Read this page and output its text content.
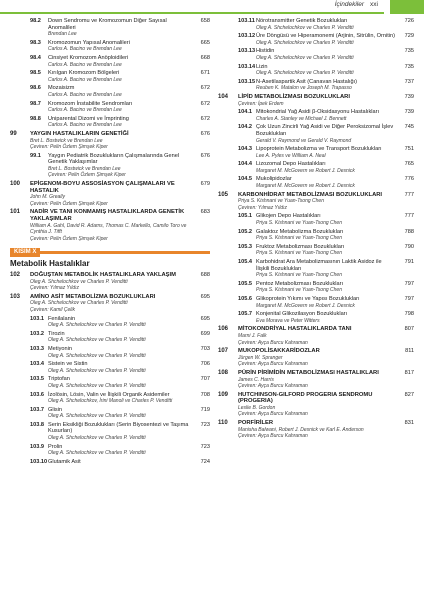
İçindekiler xxi
98.2 Down Sendromu ve Kromozomun Diğer Sayısal Anomalileri
658
Brendan Lee
98.3 Kromozomun Yapısal Anomalileri	665
Carlos A. Bacino ve Brendan Lee
98.4 Cinsiyet Kromozom Anöploidileri	668
Carlos A. Bacino ve Brendan Lee
98.5 Kırılgan Kromozom Bölgeleri	671
Carlos A. Bacino ve Brendan Lee
98.6 Mozaisizm	672
Carlos A. Bacino ve Brendan Lee
98.7 Kromozom İnstabilite Sendromları	672
Carlos A. Bacino ve Brendan Lee
98.8 Uniparental Dizomi ve İmprinting	672
Carlos A. Bacino ve Brendan Lee
99	YAYGIN HASTALIKLARIN GENETİĞİ	676
Bret L. Bostwick ve Brendan Lee
Çeviren: Pelin Özlem Şimşek Kiper
99.1 Yaygın Pediatrik Bozuklukların Çalışmalarında Genel Genetik Yaklaşımlar
676
Bret L. Bostwick ve Brendan Lee
Çeviren: Pelin Özlem Şimşek Kiper
100	EPİGENOM-BOYU ASSOSİASYON ÇALIŞMALARI VE HASTALIK
679
John M. Greally
Çeviren: Pelin Özlem Şimşek Kiper
101	NADİR VE TANI KONMAMIŞ HASTALIKLARDA GENETİK YAKLAŞIMLAR
683
William A. Gahl, David R. Adams, Thomas C. Markello, Camilo Toro ve Cynthia J. Tifft
Çeviren: Pelin Özlem Şimşek Kiper
KISIM X
Metabolik Hastalıklar
102	DOĞUŞTAN METABOLİK HASTALIKLARA YAKLAŞIM	688
Oleg A. Shchelochkov ve Charles P. Venditti
Çeviren: Yılmaz Yıldız
103	AMİNO ASİT METABOLİZMA BOZUKLUKLARI	695
Oleg A. Shchelochkov ve Charles P. Venditti
Çeviren: Kamil Çelik
103.1 Fenilalanin	695
Oleg A. Shchelochkov ve Charles P. Venditti
103.2 Tirozin	699
Oleg A. Shchelochkov ve Charles P. Venditti
103.3 Metiyonin	703
Oleg A. Shchelochkov ve Charles P. Venditti
103.4 Sistein ve Sistin	706
Oleg A. Shchelochkov ve Charles P. Venditti
103.5 Triptofan	707
Oleg A. Shchelochkov ve Charles P. Venditti
103.6 İzolösin, Lösin, Valin ve İlişkili Organik Asidemiler	708
Oleg A. Shchelochkov, İrini Manoli ve Charles P. Venditti
103.7 Glisin	719
Oleg A. Shchelochkov ve Charles P. Venditti
103.8 Serin Eksikliği Bozuklukları (Serin Biyosentezi ve Taşıma Kusurları)
723
Oleg A. Shchelochkov ve Charles P. Venditti
103.9 Prolin	723
Oleg A. Shchelochkov ve Charles P. Venditti
103.10 Glutamik Asit	724
103.11 Nörotransmitter Genetik Bozuklukları	726
Oleg A. Shchelochkov ve Charles P. Venditti
103.12 Üre Döngüsü ve Hiperamonemi (Arjinin, Sitrülin, Ornitin) 729
Oleg A. Shchelochkov ve Charles P. Venditti
103.13 Histidin	735
Oleg A. Shchelochkov ve Charles P. Venditti
103.14 Lizin	735
Oleg A. Shchelochkov ve Charles P. Venditti
103.15 N-Asetilaspartik Asit (Canavan Hastalığı)	737
Reuben K. Matalon ve Joseph M. Trapasso
104	LİPİD METABOLİZMASI BOZUKLUKLARI	739
Çeviren: İpek Erdem
104.1 Mitokondrial Yağ Asidi β-Oksidasyonu Hastalıkları	739
Charles A. Stanley ve Michael J. Bennett
104.2 Çok Uzun Zincirli Yağ Asidi ve Diğer Peroksizomal İşlev Bozuklukları
745
Gerald V. Raymond ve Gerald V. Raymond
104.3 Lipoprotein Metabolizma ve Transport Bozuklukları	751
Lee A. Pyles ve William A. Neal
104.4 Lizozomal Depo Hastalıkları	765
Margaret M. McGovern ve Robert J. Desnick
104.5 Mukolipidozlar	776
Margaret M. McGovern ve Robert J. Desnick
105	KARBONHİDRAT METABOLİZMASI BOZUKLUKLARI	777
Priya S. Kishnani ve Yuan-Tsong Chen
Çeviren: Yılmaz Yıldız
105.1 Glikojen Depo Hastalıkları	777
Priya S. Kishnani ve Yuan-Tsong Chen
105.2 Galaktoz Metabolizma Bozuklukları	788
Priya S. Kishnani ve Yuan-Tsong Chen
105.3 Fruktoz Metabolizması Bozuklukları	790
Priya S. Kishnani ve Yuan-Tsong Chen
105.4 Karbohidrat Ara Metabolizmasının Laktik Asidoz ile İlişkili Bozuklukları
791
Priya S. Kishnani ve Yuan-Tsong Chen
105.5 Pentoz Metabolizması Bozuklukları	797
Priya S. Kishnani ve Yuan-Tsong Chen
105.6 Glikoprotein Yıkımı ve Yapısı Bozuklukları	797
Margaret M. McGovern ve Robert J. Desnick
105.7 Konjenital Glikozilasyon Bozuklukları	798
Eva Morava ve Peter Witters
106	MİTOKONDRİYAL HASTALIKLARDA TANI	807
Marni J. Falk
Çeviren: Ayça Burcu Kahraman
107	MUKOPOLİSAKKARİDOZLAR	811
Jürgen W. Spranger
Çeviren: Ayça Burcu Kahraman
108	PÜRİN PİRİMİDİN METABOLİZMASI HASTALIKLARI	817
James C. Harris
Çeviren: Ayça Burcu Kahraman
109	HUTCHINSON-GILFORD PROGERIA SENDROMU (PROGERIA)
827
Leslie B. Gordon
Çeviren: Ayça Burcu Kahraman
110	PORFİRİLER	831
Manisha Balwani, Robert J. Desnick ve Karl E. Anderson
Çeviren: Ayça Burcu Kahraman
